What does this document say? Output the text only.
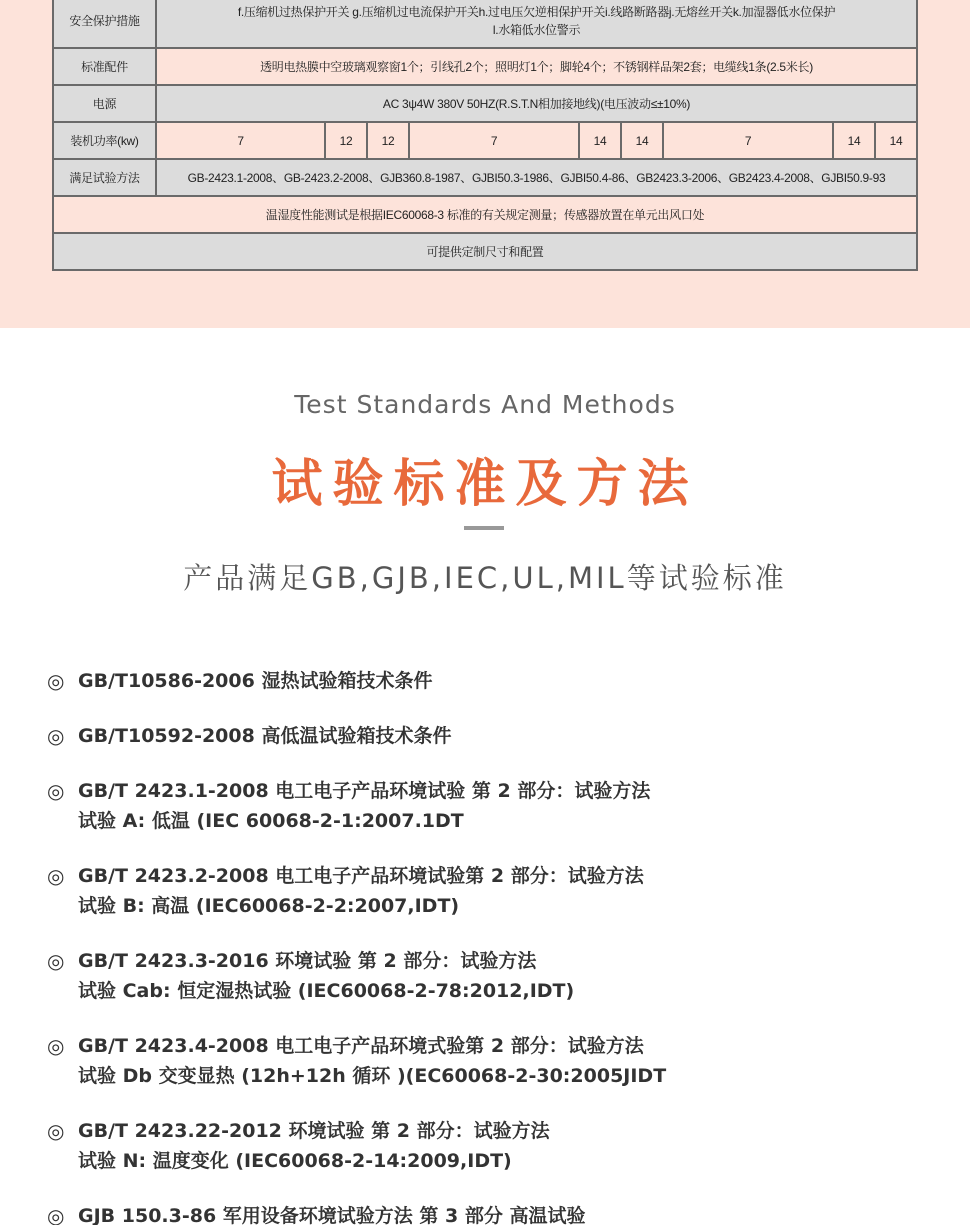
安全保护措施	f.压缩机过热保护开关 g.压缩机过电流保护开关h.过电压欠逆相保护开关i.线路断路器j.无熔丝开关k.加湿器低水位保护
l.水箱低水位警示								

标准配件	透明电热膜中空玻璃观察窗1个；引线孔2个；照明灯1个；脚轮4个；不锈钢样品架2套；电缆线1条(2.5米长)								
电源	AC 3ψ4W 380V 50HZ(R.S.T.N相加接地线)(电压波动≤±10%)								
装机功率(kw)	7	12	12	7	14	14	7	14	14
满足试验方法	GB-2423.1-2008、GB-2423.2-2008、GJB360.8-1987、GJBI50.3-1986、GJBI50.4-86、GB2423.3-2006、GB2423.4-2008、GJBI50.9-93								
温湿度性能测试是根据IEC60068-3 标准的有关规定测量；传感器放置在单元出风口处									
可提供定制尺寸和配置									
Test Standards And Methods
试验标准及方法

产品满足GB,GJB,IEC,UL,MIL等试验标准

◎ GB/T10586-2006 湿热试验箱技术条件
◎ GB/T10592-2008 高低温试验箱技术条件
◎ GB/T 2423.1-2008 电工电子产品环境试验 第 2 部分：试验方法
试验 A: 低温 (IEC 60068-2-1:2007.1DT
◎ GB/T 2423.2-2008 电工电子产品环境试验第 2 部分：试验方法
试验 B: 高温 (IEC60068-2-2:2007,IDT)
◎ GB/T 2423.3-2016 环境试验 第 2 部分：试验方法
试验 Cab: 恒定湿热试验 (IEC60068-2-78:2012,IDT)
◎ GB/T 2423.4-2008 电工电子产品环境式验第 2 部分：试验方法
试验 Db 交变显热 (12h+12h 循环 )(EC60068-2-30:2005JIDT
◎ GB/T 2423.22-2012 环境试验 第 2 部分：试验方法
试验 N: 温度变化 (IEC60068-2-14:2009,IDT)
◎ GJB 150.3-86 军用设备环境试验方法 第 3 部分 高温试验
